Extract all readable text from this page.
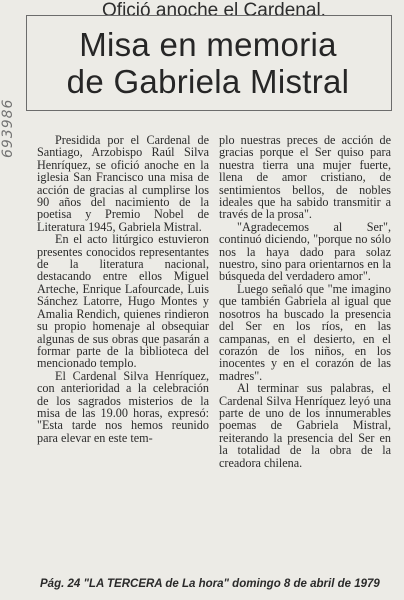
693986
Ofició anoche el Cardenal.
Misa en memoria
de Gabriela Mistral

Presidida por el Cardenal de Santiago, Arzobispo Raúl Silva Henríquez, se ofició anoche en la iglesia San Francisco una misa de acción de gracias al cumplirse los 90 años del nacimiento de la poetisa y Premio Nobel de Literatura 1945, Gabriela Mistral.

En el acto litúrgico estuvieron presentes conocidos representantes de la literatura nacional, destacando entre ellos Miguel Arteche, Enrique Lafourcade, Luis Sánchez Latorre, Hugo Montes y Amalia Rendich, quienes rindieron su propio homenaje al obsequiar algunas de sus obras que pasarán a formar parte de la biblioteca del mencionado templo.

El Cardenal Silva Henríquez, con anterioridad a la celebración de los sagrados misterios de la misa de las 19.00 horas, expresó: "Esta tarde nos hemos reunido para elevar en este tem-

plo nuestras preces de acción de gracias porque el Ser quiso para nuestra tierra una mujer fuerte, llena de amor cristiano, de sentimientos bellos, de nobles ideales que ha sabido transmitir a través de la prosa".

"Agradecemos al Ser", continuó diciendo, "porque no sólo nos la haya dado para solaz nuestro, sino para orientarnos en la búsqueda del verdadero amor".

Luego señaló que "me imagino que también Gabriela al igual que nosotros ha buscado la presencia del Ser en los ríos, en las campanas, en el desierto, en el corazón de los niños, en los inocentes y en el corazón de las madres".

Al terminar sus palabras, el Cardenal Silva Henríquez leyó una parte de uno de los innumerables poemas de Gabriela Mistral, reiterando la presencia del Ser en la totalidad de la obra de la creadora chilena.

Pág. 24 "LA TERCERA de La hora" domingo 8 de abril de 1979
